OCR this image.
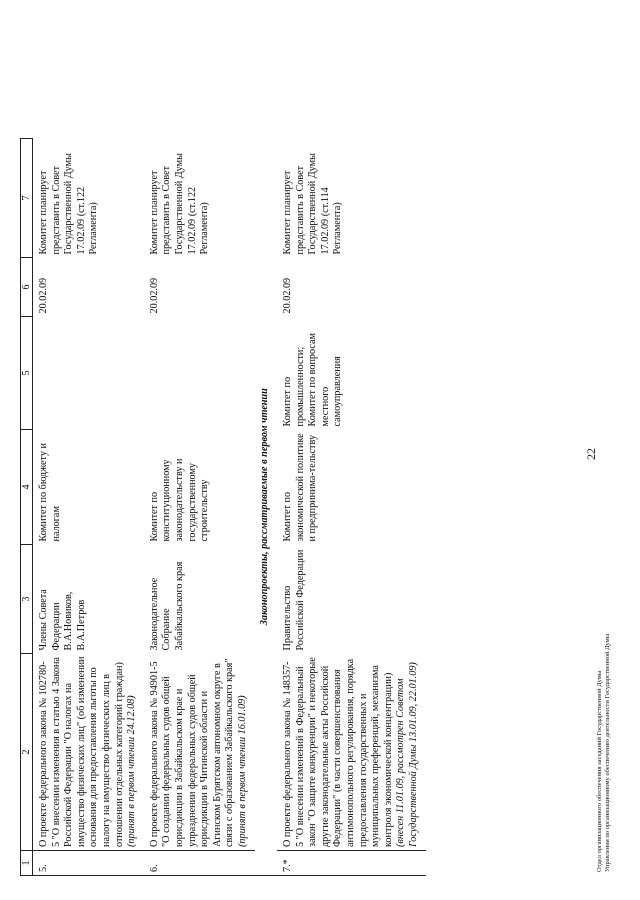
22
1	2	3	4	5	6	7
5.	О проекте федерального закона № 102780-5 "О внесении изменения в статью 4 Закона Российской Федерации "О налогах на имущество физических лиц" (об изменении основания для предоставления льготы по налогу на имущество физических лиц в отношении отдельных категорий граждан) (принят в первом чтении 24.12.08)	Члены Совета Федерации В.А.Новиков, В.А.Петров	Комитет по бюджету и налогам		20.02.09	Комитет планирует представить в Совет Государственной Думы 17.02.09 (ст.122 Регламента)
6.	О проекте федерального закона № 94901-5 "О создании федеральных судов общей юрисдикции в Забайкальском крае и упразднении федеральных судов общей юрисдикции в Читинской области и Агинском Бурятском автономном округе в связи с образованием Забайкальского края" (принят в первом чтении 16.01.09)	Законодательное Собрание Забайкальского края	Комитет по конституционному законодательству и государственному строительству		20.02.09	Комитет планирует представить в Совет Государственной Думы 17.02.09 (ст.122 Регламента)
Законопроекты, рассматриваемые в первом чтении						
7.*	О проекте федерального закона № 148357-5 "О внесении изменений в Федеральный закон "О защите конкуренции" и некоторые другие законодательные акты Российской Федерации" (в части совершенствования антимонопольного регулирования, порядка предоставления государственных и муниципальных преференций, механизма контроля экономической концентрации) (внесен 11.01.09, рассмотрен Советом Государственной Думы 13.01.09, 22.01.09)	Правительство Российской Федерации	Комитет по экономической политике и предпринима-тельству	Комитет по промышленности; Комитет по вопросам местного самоуправления	20.02.09	Комитет планирует представить в Совет Государственной Думы 17.02.09 (ст.114 Регламента)
Отдел организационного обеспечения заседаний Государственной Думы Управления по организационному обеспечению деятельности Государственной Думы
